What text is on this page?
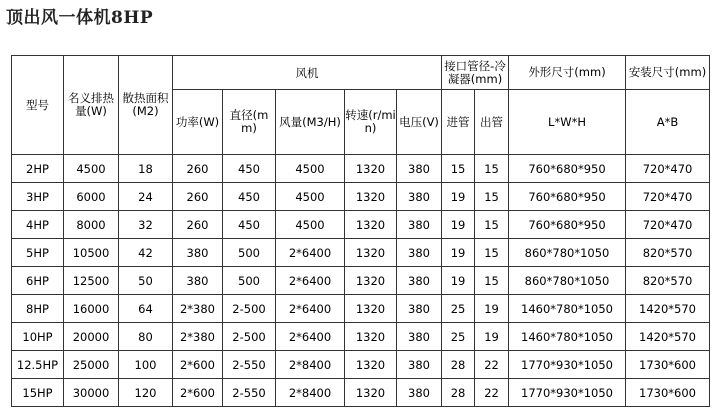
顶出风一体机8HP
型号	名义排热量(W)	散热面积(M2)	风机					接口管径-冷凝器(mm)		外形尺寸(mm)	安装尺寸(mm)
			功率(W)	直径(mm)	风量(M3/H)	转速(r/min)	电压(V)	进管	出管	L*W*H	A*B
2HP	4500	18	260	450	4500	1320	380	15	15	760*680*950	720*470
3HP	6000	24	260	450	4500	1320	380	19	15	760*680*950	720*470
4HP	8000	32	260	450	4500	1320	380	19	15	760*680*950	720*470
5HP	10500	42	380	500	2*6400	1320	380	19	15	860*780*1050	820*570
6HP	12500	50	380	500	2*6400	1320	380	19	15	860*780*1050	820*570
8HP	16000	64	2*380	2-500	2*6400	1320	380	25	19	1460*780*1050	1420*570
10HP	20000	80	2*380	2-500	2*6400	1320	380	25	19	1460*780*1050	1420*570
12.5HP	25000	100	2*600	2-550	2*8400	1320	380	28	22	1770*930*1050	1730*600
15HP	30000	120	2*600	2-550	2*8400	1320	380	28	22	1770*930*1050	1730*600
